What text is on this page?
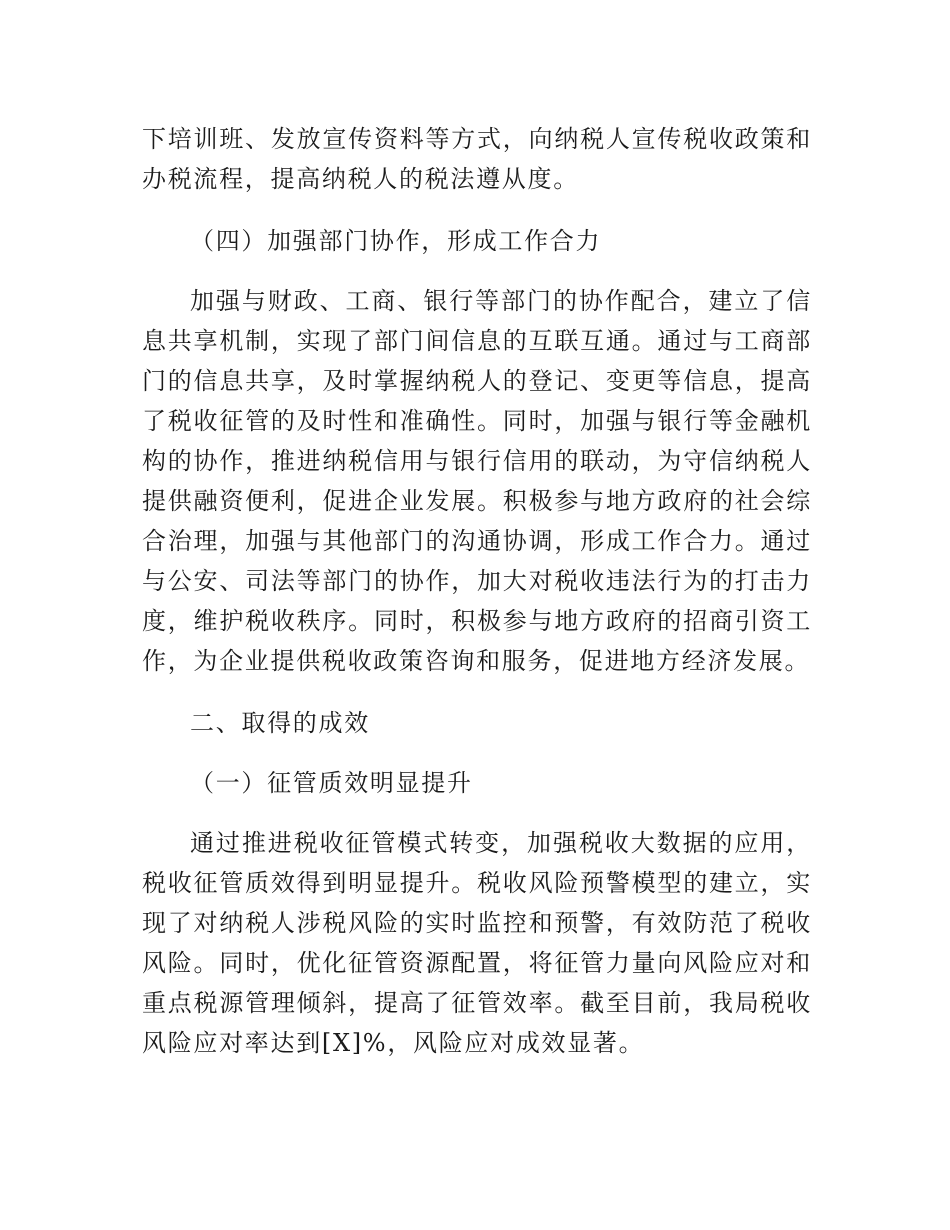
下培训班、发放宣传资料等方式，向纳税人宣传税收政策和办税流程，提高纳税人的税法遵从度。

（四）加强部门协作，形成工作合力

加强与财政、工商、银行等部门的协作配合，建立了信息共享机制，实现了部门间信息的互联互通。通过与工商部门的信息共享，及时掌握纳税人的登记、变更等信息，提高了税收征管的及时性和准确性。同时，加强与银行等金融机构的协作，推进纳税信用与银行信用的联动，为守信纳税人提供融资便利，促进企业发展。积极参与地方政府的社会综合治理，加强与其他部门的沟通协调，形成工作合力。通过与公安、司法等部门的协作，加大对税收违法行为的打击力度，维护税收秩序。同时，积极参与地方政府的招商引资工作，为企业提供税收政策咨询和服务，促进地方经济发展。

二、取得的成效

（一）征管质效明显提升

通过推进税收征管模式转变，加强税收大数据的应用，税收征管质效得到明显提升。税收风险预警模型的建立，实现了对纳税人涉税风险的实时监控和预警，有效防范了税收风险。同时，优化征管资源配置，将征管力量向风险应对和重点税源管理倾斜，提高了征管效率。截至目前，我局税收风险应对率达到[X]%，风险应对成效显著。
